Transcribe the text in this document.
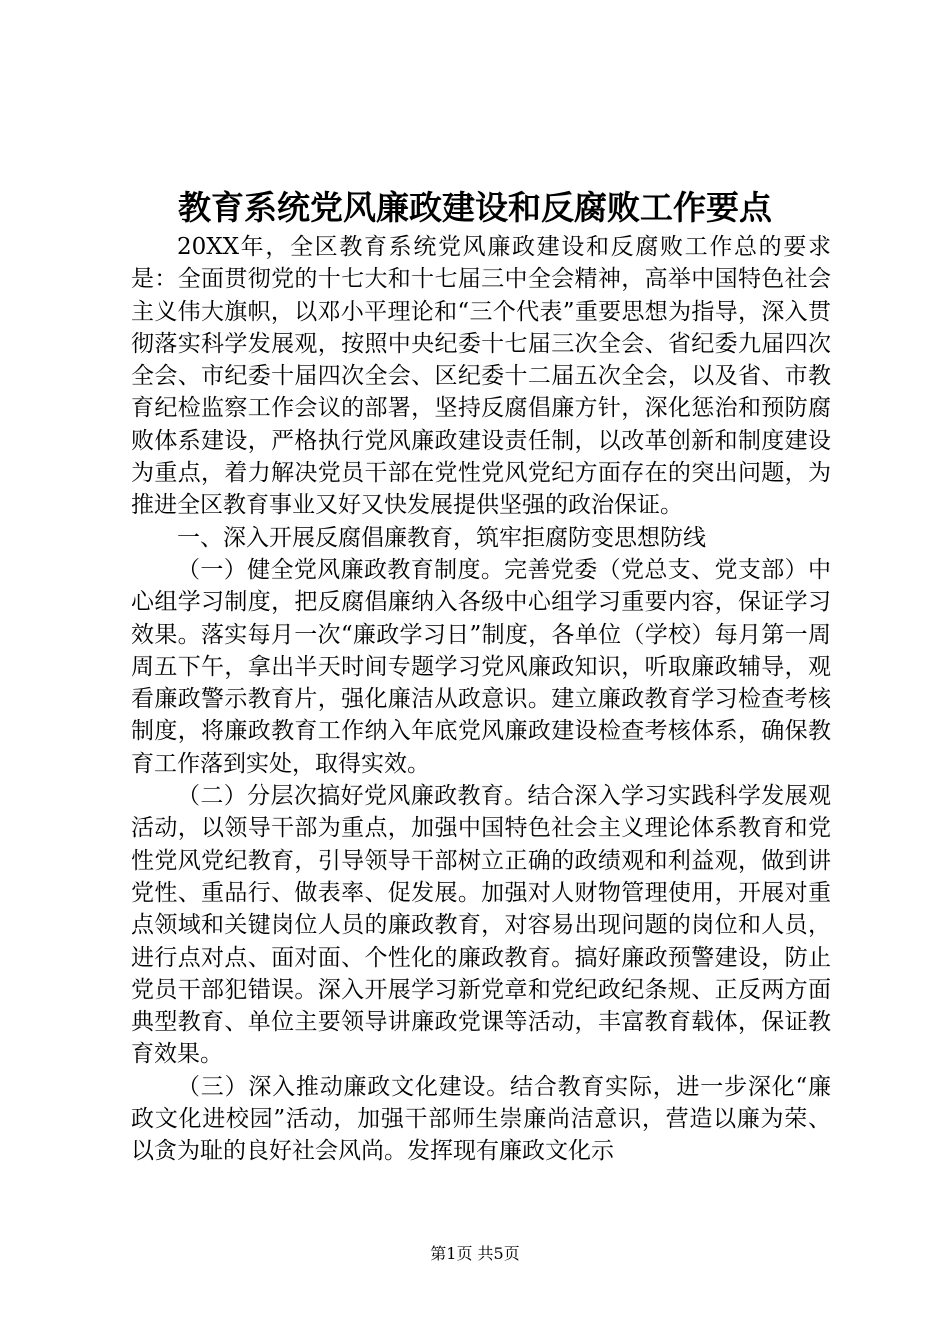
教育系统党风廉政建设和反腐败工作要点

20XX年，全区教育系统党风廉政建设和反腐败工作总的要求是：全面贯彻党的十七大和十七届三中全会精神，高举中国特色社会主义伟大旗帜，以邓小平理论和“三个代表”重要思想为指导，深入贯彻落实科学发展观，按照中央纪委十七届三次全会、省纪委九届四次全会、市纪委十届四次全会、区纪委十二届五次全会，以及省、市教育纪检监察工作会议的部署，坚持反腐倡廉方针，深化惩治和预防腐败体系建设，严格执行党风廉政建设责任制，以改革创新和制度建设为重点，着力解决党员干部在党性党风党纪方面存在的突出问题，为推进全区教育事业又好又快发展提供坚强的政治保证。

一、深入开展反腐倡廉教育，筑牢拒腐防变思想防线

（一）健全党风廉政教育制度。完善党委（党总支、党支部）中心组学习制度，把反腐倡廉纳入各级中心组学习重要内容，保证学习效果。落实每月一次“廉政学习日”制度，各单位（学校）每月第一周周五下午，拿出半天时间专题学习党风廉政知识，听取廉政辅导，观看廉政警示教育片，强化廉洁从政意识。建立廉政教育学习检查考核制度，将廉政教育工作纳入年底党风廉政建设检查考核体系，确保教育工作落到实处，取得实效。

（二）分层次搞好党风廉政教育。结合深入学习实践科学发展观活动，以领导干部为重点，加强中国特色社会主义理论体系教育和党性党风党纪教育，引导领导干部树立正确的政绩观和利益观，做到讲党性、重品行、做表率、促发展。加强对人财物管理使用，开展对重点领域和关键岗位人员的廉政教育，对容易出现问题的岗位和人员，进行点对点、面对面、个性化的廉政教育。搞好廉政预警建设，防止党员干部犯错误。深入开展学习新党章和党纪政纪条规、正反两方面典型教育、单位主要领导讲廉政党课等活动，丰富教育载体，保证教育效果。

（三）深入推动廉政文化建设。结合教育实际，进一步深化“廉政文化进校园”活动，加强干部师生崇廉尚洁意识，营造以廉为荣、以贪为耻的良好社会风尚。发挥现有廉政文化示

第1页 共5页
